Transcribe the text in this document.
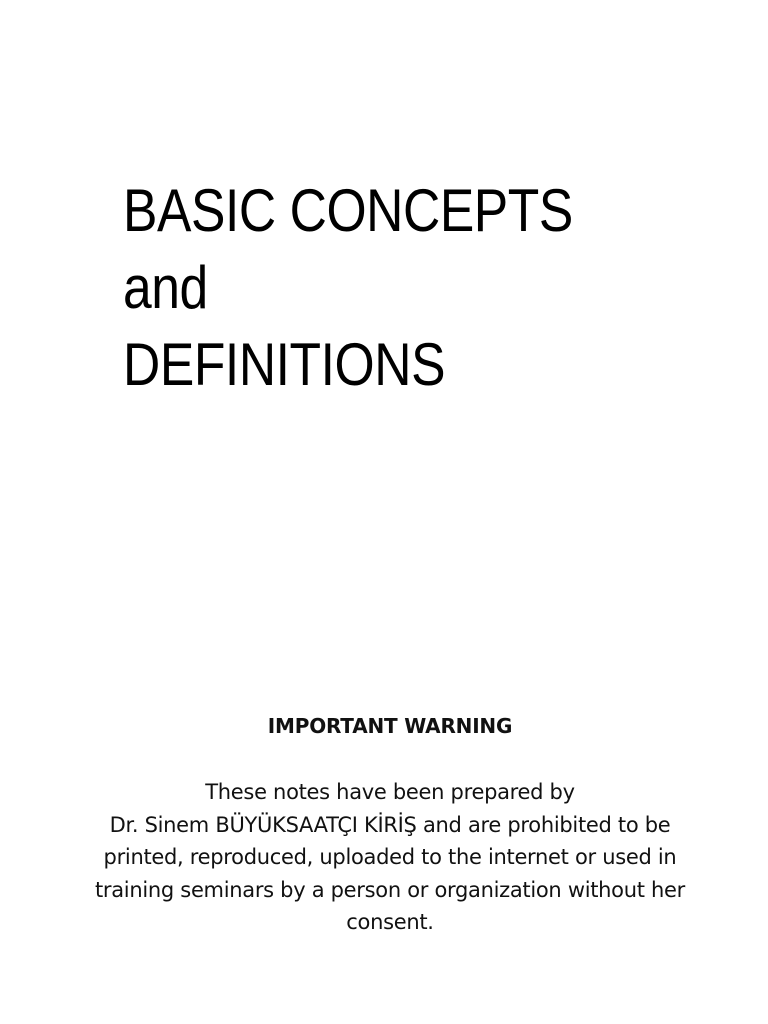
BASIC CONCEPTS
and
DEFINITIONS
IMPORTANT WARNING

These notes have been prepared by
Dr. Sinem BÜYÜKSAATÇI KİRİŞ and are prohibited to be
printed, reproduced, uploaded to the internet or used in
training seminars by a person or organization without her
consent.
